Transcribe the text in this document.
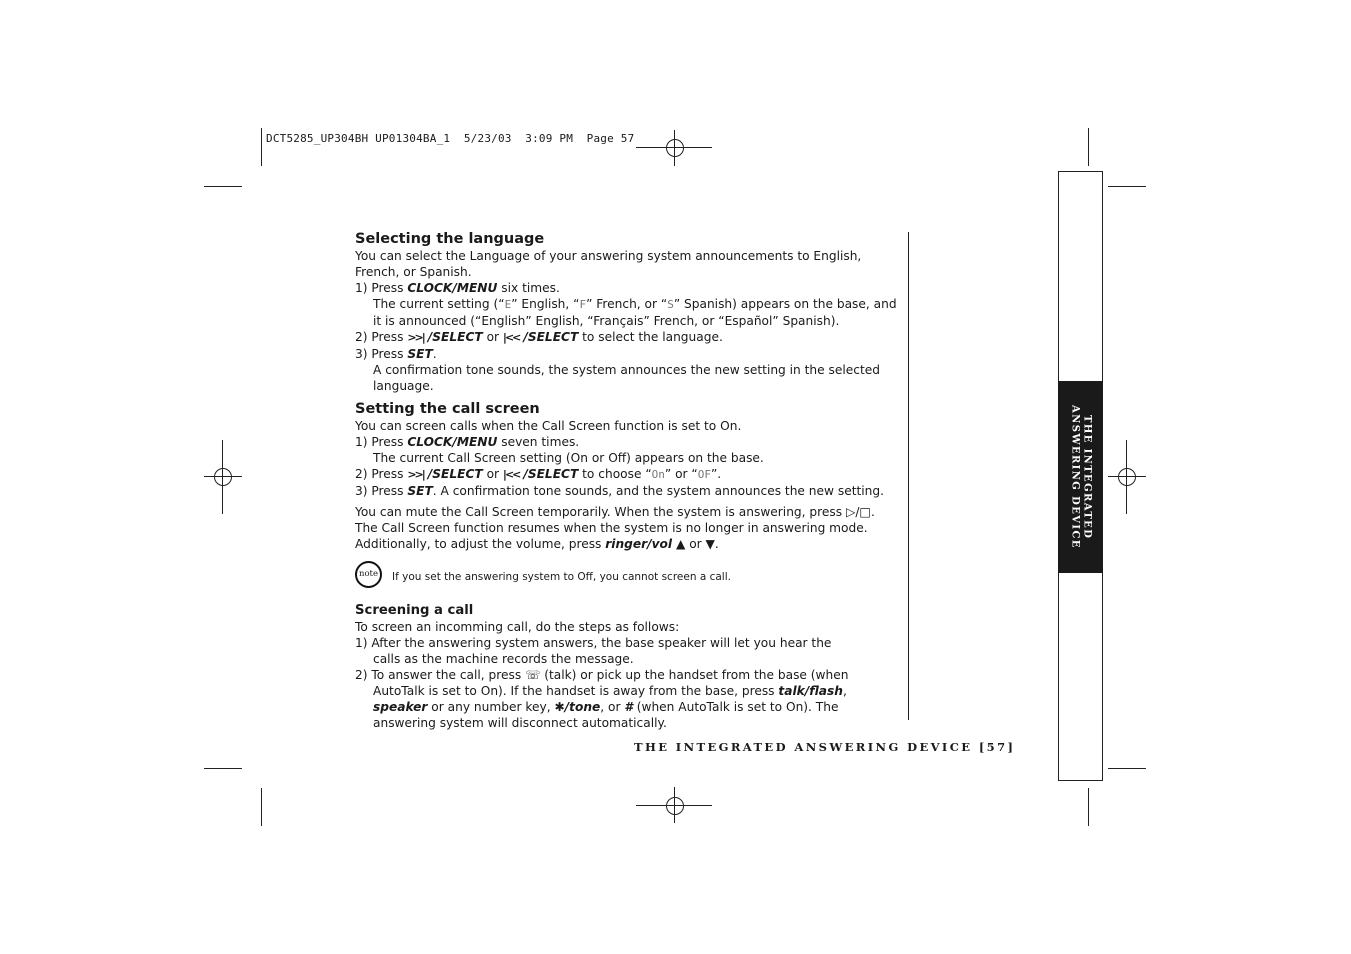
DCT5285_UP304BH UP01304BA_1  5/23/03  3:09 PM  Page 57
Selecting the language

You can select the Language of your answering system announcements to English, French, or Spanish.

1) Press CLOCK/MENU six times.

The current setting (“E” English, “F” French, or “S” Spanish) appears on the base, and it is announced (“English” English, “Français” French, or “Español” Spanish).

2) Press >>| /SELECT or |<< /SELECT to select the language.

3) Press SET.

A confirmation tone sounds, the system announces the new setting in the selected language.

Setting the call screen

You can screen calls when the Call Screen function is set to On.

1) Press CLOCK/MENU seven times.

The current Call Screen setting (On or Off) appears on the base.

2) Press >>| /SELECT or |<< /SELECT to choose “On” or “OF”.

3) Press SET. A confirmation tone sounds, and the system announces the new setting.

You can mute the Call Screen temporarily. When the system is answering, press ▷/□. The Call Screen function resumes when the system is no longer in answering mode. Additionally, to adjust the volume, press ringer/vol ▲ or ▼.

note	If you set the answering system to Off, you cannot screen a call.
Screening a call

To screen an incomming call, do the steps as follows:

1) After the answering system answers, the base speaker will let you hear the calls as the machine records the message.

2) To answer the call, press ☏ (talk) or pick up the handset from the base (when AutoTalk is set to On). If the handset is away from the base, press talk/flash, speaker or any number key, ✱/tone, or # (when AutoTalk is set to On). The answering system will disconnect automatically.

THE INTEGRATED ANSWERING DEVICE [57]
THE INTEGRATED
ANSWERING DEVICE
